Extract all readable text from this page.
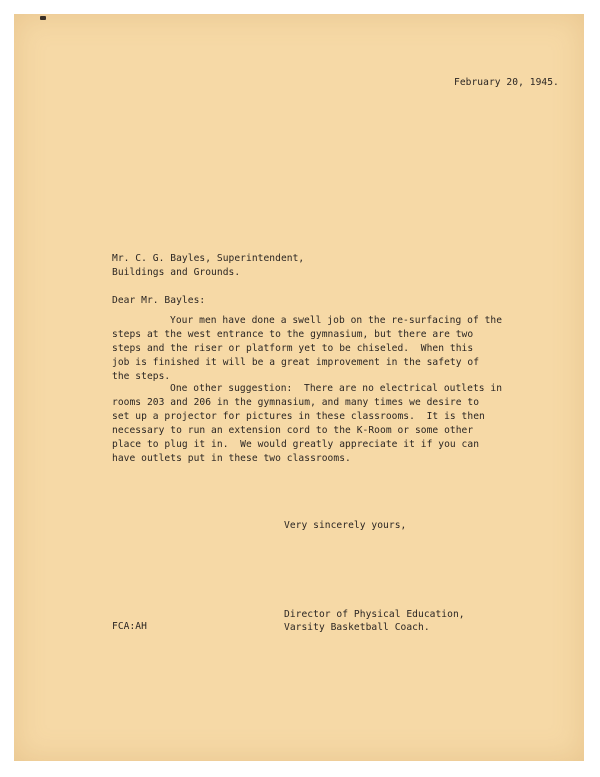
February 20, 1945.
Mr. C. G. Bayles, Superintendent,
Buildings and Grounds.
Dear Mr. Bayles:
Your men have done a swell job on the re-surfacing of the
steps at the west entrance to the gymnasium, but there are two
steps and the riser or platform yet to be chiseled.  When this
job is finished it will be a great improvement in the safety of
the steps.
One other suggestion:  There are no electrical outlets in
rooms 203 and 206 in the gymnasium, and many times we desire to
set up a projector for pictures in these classrooms.  It is then
necessary to run an extension cord to the K-Room or some other
place to plug it in.  We would greatly appreciate it if you can
have outlets put in these two classrooms.
Very sincerely yours,
Director of Physical Education,
Varsity Basketball Coach.
FCA:AH
